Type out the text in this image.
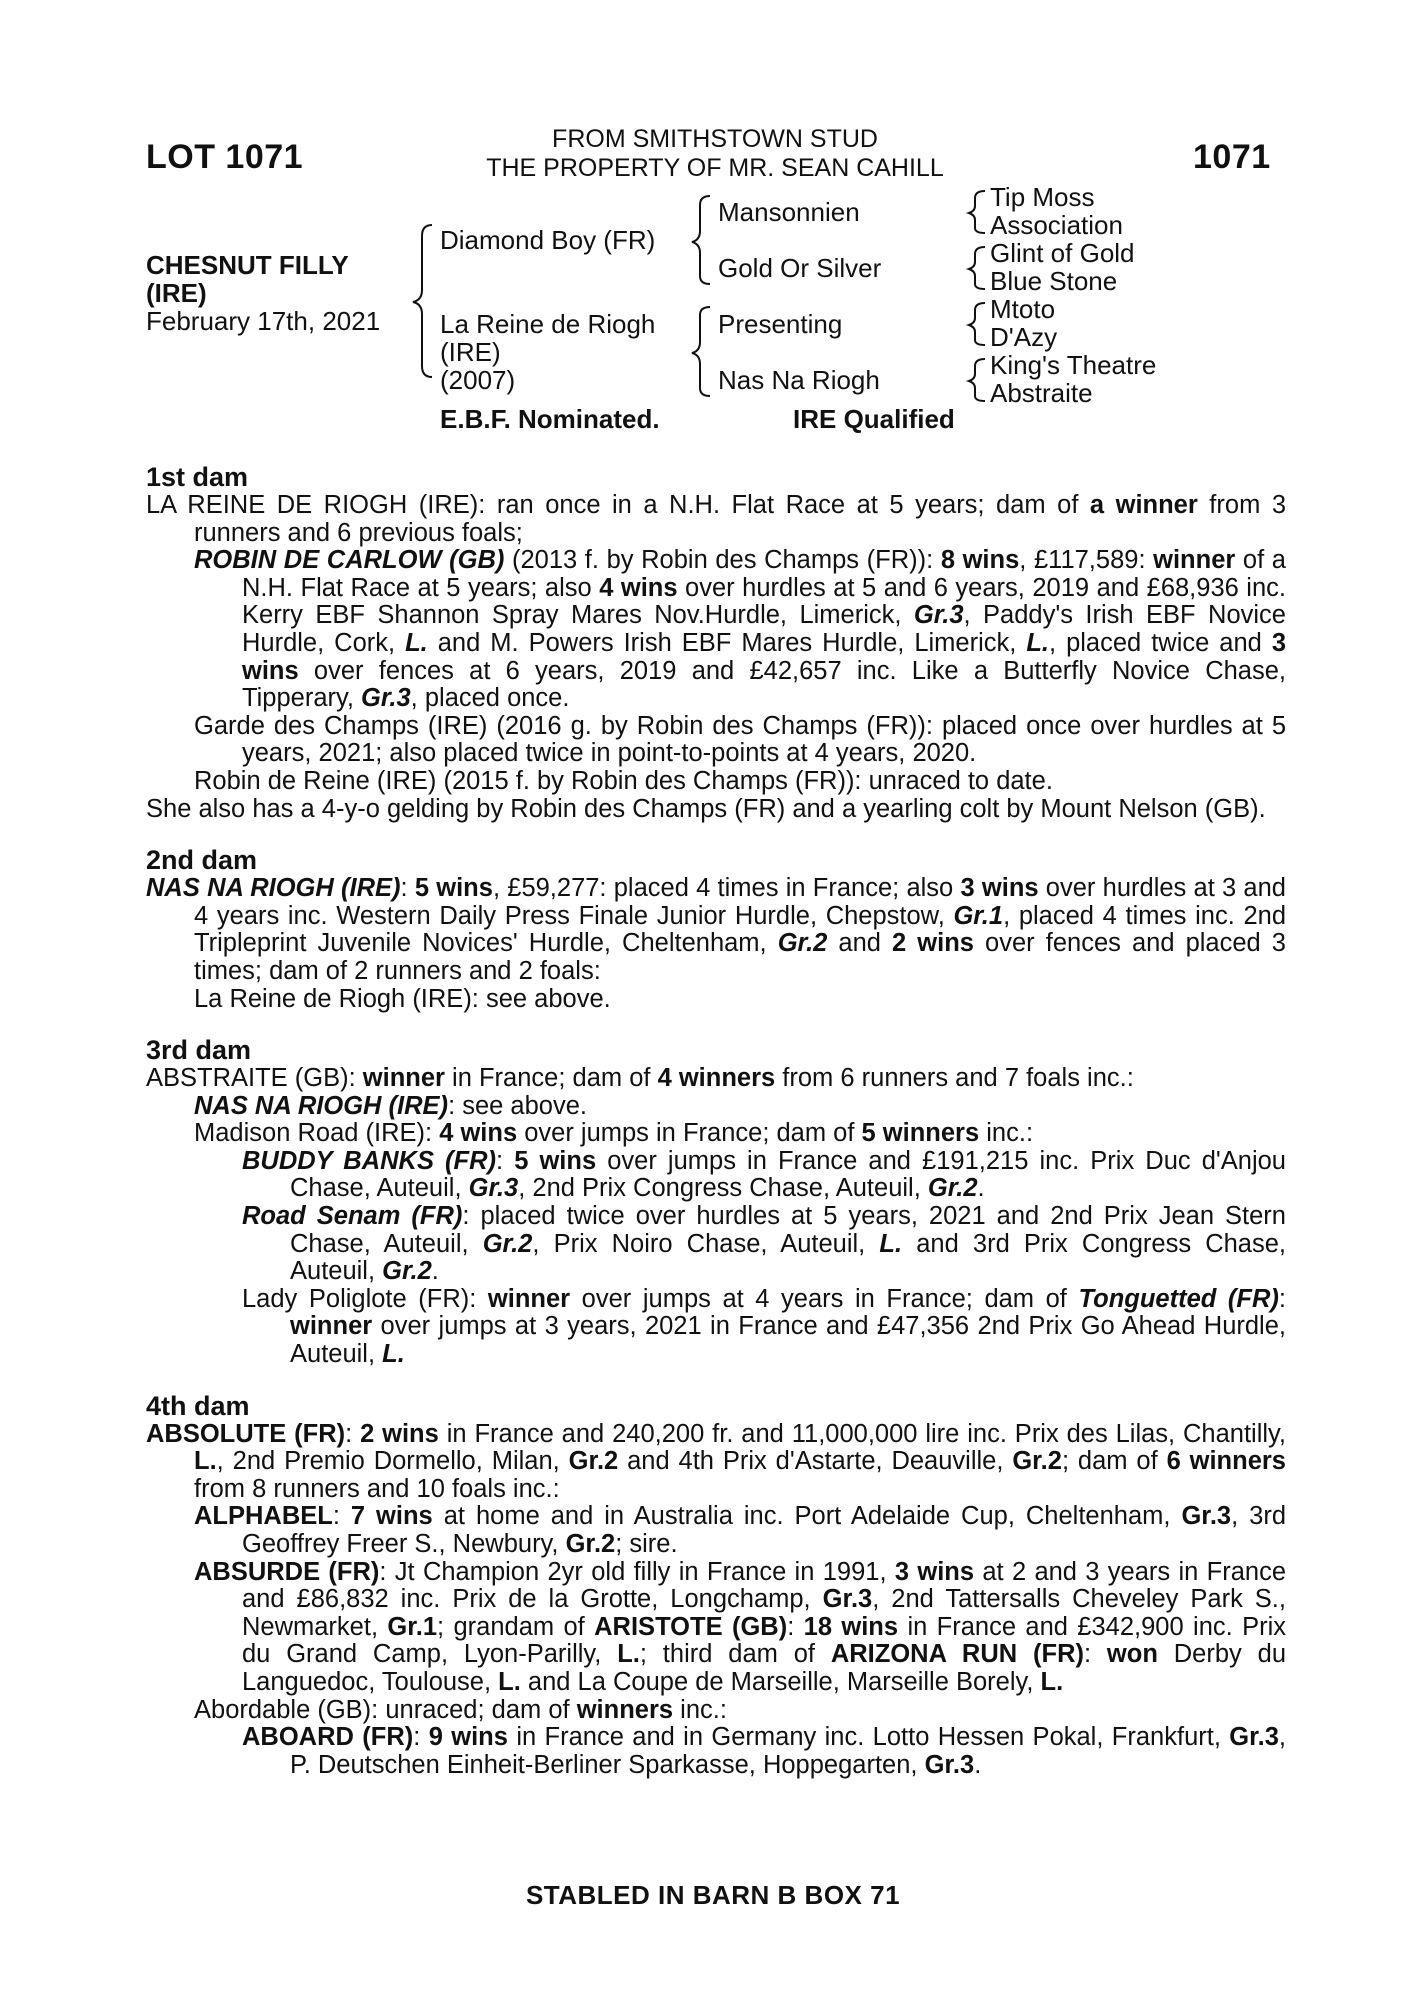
LOT 1071	1071
FROM SMITHSTOWN STUD
THE PROPERTY OF MR. SEAN CAHILL
CHESNUT FILLY
(IRE)
February 17th, 2021
Diamond Boy (FR)
La Reine de Riogh
(IRE)
(2007)
Mansonnien
Gold Or Silver
Presenting
Nas Na Riogh
Tip Moss
Association
Glint of Gold
Blue Stone
Mtoto
D'Azy
King's Theatre
Abstraite
E.B.F. Nominated.	IRE Qualified
1st dam

LA REINE DE RIOGH (IRE): ran once in a N.H. Flat Race at 5 years; dam of a winner from 3 runners and 6 previous foals;

ROBIN DE CARLOW (GB) (2013 f. by Robin des Champs (FR)): 8 wins, £117,589: winner of a N.H. Flat Race at 5 years; also 4 wins over hurdles at 5 and 6 years, 2019 and £68,936 inc. Kerry EBF Shannon Spray Mares Nov.Hurdle, Limerick, Gr.3, Paddy's Irish EBF Novice Hurdle, Cork, L. and M. Powers Irish EBF Mares Hurdle, Limerick, L., placed twice and 3 wins over fences at 6 years, 2019 and £42,657 inc. Like a Butterfly Novice Chase, Tipperary, Gr.3, placed once.

Garde des Champs (IRE) (2016 g. by Robin des Champs (FR)): placed once over hurdles at 5 years, 2021; also placed twice in point-to-points at 4 years, 2020.

Robin de Reine (IRE) (2015 f. by Robin des Champs (FR)): unraced to date.

She also has a 4-y-o gelding by Robin des Champs (FR) and a yearling colt by Mount Nelson (GB).

2nd dam

NAS NA RIOGH (IRE): 5 wins, £59,277: placed 4 times in France; also 3 wins over hurdles at 3 and 4 years inc. Western Daily Press Finale Junior Hurdle, Chepstow, Gr.1, placed 4 times inc. 2nd Tripleprint Juvenile Novices' Hurdle, Cheltenham, Gr.2 and 2 wins over fences and placed 3 times; dam of 2 runners and 2 foals:

La Reine de Riogh (IRE): see above.

3rd dam

ABSTRAITE (GB): winner in France; dam of 4 winners from 6 runners and 7 foals inc.:

NAS NA RIOGH (IRE): see above.

Madison Road (IRE): 4 wins over jumps in France; dam of 5 winners inc.:

BUDDY BANKS (FR): 5 wins over jumps in France and £191,215 inc. Prix Duc d'Anjou Chase, Auteuil, Gr.3, 2nd Prix Congress Chase, Auteuil, Gr.2.

Road Senam (FR): placed twice over hurdles at 5 years, 2021 and 2nd Prix Jean Stern Chase, Auteuil, Gr.2, Prix Noiro Chase, Auteuil, L. and 3rd Prix Congress Chase, Auteuil, Gr.2.

Lady Poliglote (FR): winner over jumps at 4 years in France; dam of Tonguetted (FR): winner over jumps at 3 years, 2021 in France and £47,356 2nd Prix Go Ahead Hurdle, Auteuil, L.

4th dam

ABSOLUTE (FR): 2 wins in France and 240,200 fr. and 11,000,000 lire inc. Prix des Lilas, Chantilly, L., 2nd Premio Dormello, Milan, Gr.2 and 4th Prix d'Astarte, Deauville, Gr.2; dam of 6 winners from 8 runners and 10 foals inc.:

ALPHABEL: 7 wins at home and in Australia inc. Port Adelaide Cup, Cheltenham, Gr.3, 3rd Geoffrey Freer S., Newbury, Gr.2; sire.

ABSURDE (FR): Jt Champion 2yr old filly in France in 1991, 3 wins at 2 and 3 years in France and £86,832 inc. Prix de la Grotte, Longchamp, Gr.3, 2nd Tattersalls Cheveley Park S., Newmarket, Gr.1; grandam of ARISTOTE (GB): 18 wins in France and £342,900 inc. Prix du Grand Camp, Lyon-Parilly, L.; third dam of ARIZONA RUN (FR): won Derby du Languedoc, Toulouse, L. and La Coupe de Marseille, Marseille Borely, L.

Abordable (GB): unraced; dam of winners inc.:

ABOARD (FR): 9 wins in France and in Germany inc. Lotto Hessen Pokal, Frankfurt, Gr.3, P. Deutschen Einheit-Berliner Sparkasse, Hoppegarten, Gr.3.

STABLED IN BARN B BOX 71
